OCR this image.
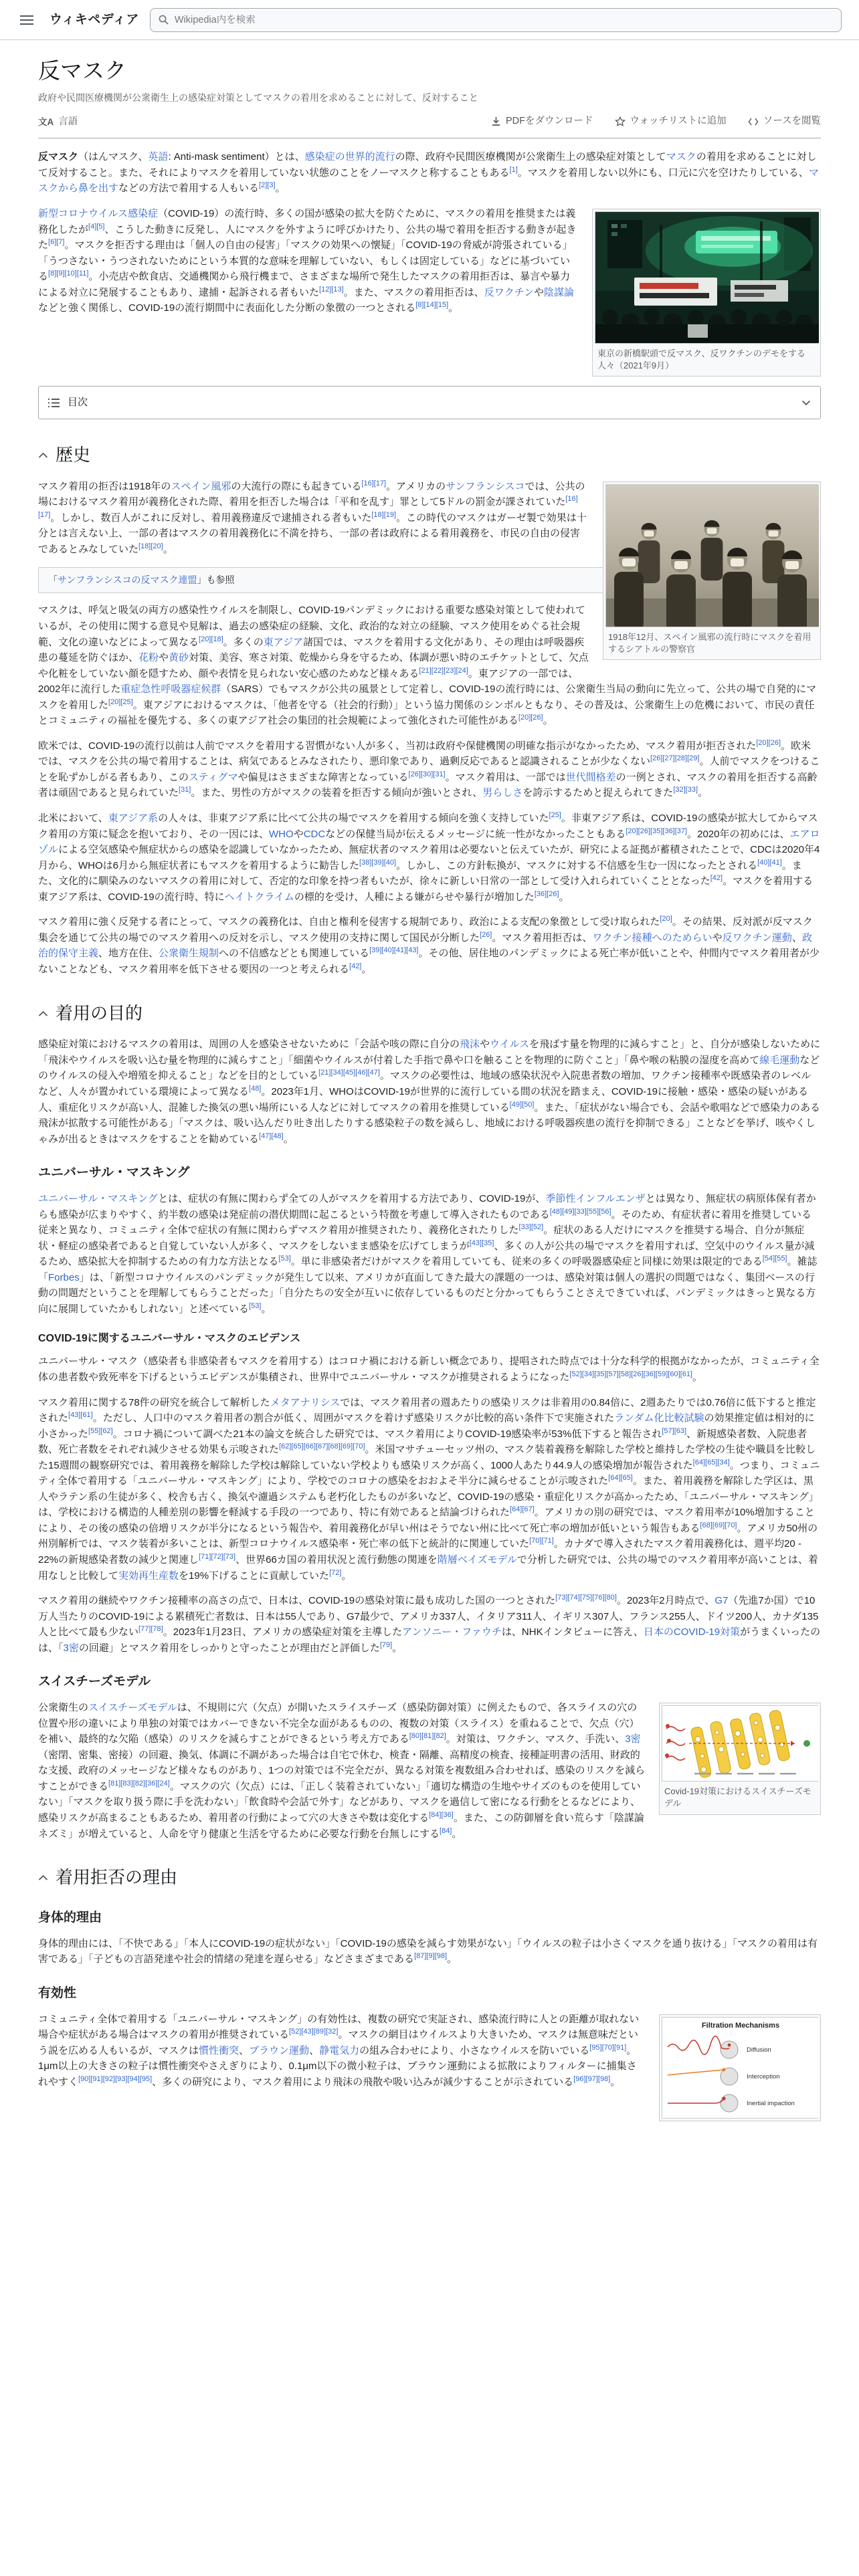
ウィキペディア
Wikipedia内を検索
反マスク
政府や民間医療機関が公衆衛生上の感染症対策としてマスクの着用を求めることに対して、反対すること
文A 言語	PDFをダウンロード
	ウォッチリストに追加
	ソースを閲覧

反マスク（はんマスク、英語: Anti-mask sentiment）とは、感染症の世界的流行の際、政府や民間医療機関が公衆衛生上の感染症対策としてマスクの着用を求めることに対して反対すること。また、それによりマスクを着用していない状態のことをノーマスクと称することもある[1]。マスクを着用しない以外にも、口元に穴を空けたりしている、マスクから鼻を出すなどの方法で着用する人もいる[2][3]。

東京の新橋駅頭で反マスク、反ワクチンのデモをする人々（2021年9月）

新型コロナウイルス感染症（COVID-19）の流行時、多くの国が感染の拡大を防ぐために、マスクの着用を推奨または義務化したが[4][5]、こうした動きに反発し、人にマスクを外すように呼びかけたり、公共の場で着用を拒否する動きが起きた[6][7]。マスクを拒否する理由は「個人の自由の侵害」「マスクの効果への懐疑」「COVID-19の脅威が誇張されている」「うつさない・うつされないためにという本質的な意味を理解していない、もしくは固定している」などに基づいている[8][9][10][11]。小売店や飲食店、交通機関から飛行機まで、さまざまな場所で発生したマスクの着用拒否は、暴言や暴力による対立に発展することもあり、逮捕・起訴される者もいた[12][13]。また、マスクの着用拒否は、反ワクチンや陰謀論などと強く関係し、COVID-19の流行期間中に表面化した分断の象徴の一つとされる[8][14][15]。

目次
歴史
1918年12月、スペイン風邪の流行時にマスクを着用するシアトルの警察官

マスク着用の拒否は1918年のスペイン風邪の大流行の際にも起きている[16][17]。アメリカのサンフランシスコでは、公共の場におけるマスク着用が義務化された際、着用を拒否した場合は「平和を乱す」罪として5ドルの罰金が課されていた[16][17]。しかし、数百人がこれに反対し、着用義務違反で逮捕される者もいた[18][19]。この時代のマスクはガーゼ製で効果は十分とは言えない上、一部の者はマスクの着用義務化に不満を持ち、一部の者は政府による着用義務を、市民の自由の侵害であるとみなしていた[18][20]。

「サンフランシスコの反マスク連盟」も参照

マスクは、呼気と吸気の両方の感染性ウイルスを制限し、COVID-19パンデミックにおける重要な感染対策として使われているが、その使用に関する意見や見解は、過去の感染症の経験、文化、政治的な対立の経験、マスク使用をめぐる社会規範、文化の違いなどによって異なる[20][18]。多くの東アジア諸国では、マスクを着用する文化があり、その理由は呼吸器疾患の蔓延を防ぐほか、花粉や黄砂対策、美容、寒さ対策、乾燥から身を守るため、体調が悪い時のエチケットとして、欠点や化粧をしていない顔を隠すため、顔や表情を見られない安心感のためなど様々ある[21][22][23][24]。東アジアの一部では、2002年に流行した重症急性呼吸器症候群（SARS）でもマスクが公共の風景として定着し、COVID-19の流行時には、公衆衛生当局の動向に先立って、公共の場で自発的にマスクを着用した[20][25]。東アジアにおけるマスクは、「他者を守る（社会的行動）」という協力関係のシンボルともなり、その普及は、公衆衛生上の危機において、市民の責任とコミュニティの福祉を優先する、多くの東アジア社会の集団的社会規範によって強化された可能性がある[20][26]。

欧米では、COVID-19の流行以前は人前でマスクを着用する習慣がない人が多く、当初は政府や保健機関の明確な指示がなかったため、マスク着用が拒否された[20][26]。欧米では、マスクを公共の場で着用することは、病気であるとみなされたり、悪印象であり、過剰反応であると認識されることが少なくない[26][27][28][29]。人前でマスクをつけることを恥ずかしがる者もあり、このスティグマや偏見はさまざまな障害となっている[26][30][31]。マスク着用は、一部では世代間格差の一例とされ、マスクの着用を拒否する高齢者は頑固であると見られていた[31]。また、男性の方がマスクの装着を拒否する傾向が強いとされ、男らしさを誇示するためと捉えられてきた[32][33]。

北米において、東アジア系の人々は、非東アジア系に比べて公共の場でマスクを着用する傾向を強く支持していた[25]。非東アジア系は、COVID-19の感染が拡大してからマスク着用の方策に疑念を抱いており、その一因には、WHOやCDCなどの保健当局が伝えるメッセージに統一性がなかったこともある[20][26][35][36][37]。2020年の初めには、エアロゾルによる空気感染や無症状からの感染を認識していなかったため、無症状者のマスク着用は必要ないと伝えていたが、研究による証拠が蓄積されたことで、CDCは2020年4月から、WHOは6月から無症状者にもマスクを着用するように勧告した[38][39][40]。しかし、この方針転換が、マスクに対する不信感を生む一因になったとされる[40][41]。また、文化的に馴染みのないマスクの着用に対して、否定的な印象を持つ者もいたが、徐々に新しい日常の一部として受け入れられていくこととなった[42]。マスクを着用する東アジア系は、COVID-19の流行時、特にヘイトクライムの標的を受け、人種による嫌がらせや暴行が増加した[36][26]。

マスク着用に強く反発する者にとって、マスクの義務化は、自由と権利を侵害する規制であり、政治による支配の象徴として受け取られた[20]。その結果、反対派が反マスク集会を通じて公共の場でのマスク着用への反対を示し、マスク使用の支持に関して国民が分断した[26]。マスク着用拒否は、ワクチン接種へのためらいや反ワクチン運動、政治的保守主義、地方在住、公衆衛生規制への不信感などとも関連している[39][40][41][43]。その他、居住地のパンデミックによる死亡率が低いことや、仲間内でマスク着用者が少ないことなども、マスク着用率を低下させる要因の一つと考えられる[42]。

着用の目的

感染症対策におけるマスクの着用は、周囲の人を感染させないために「会話や咳の際に自分の飛沫やウイルスを飛ばす量を物理的に減らすこと」と、自分が感染しないために「飛沫やウイルスを吸い込む量を物理的に減らすこと」「細菌やウイルスが付着した手指で鼻や口を触ることを物理的に防ぐこと」「鼻や喉の粘膜の湿度を高めて線毛運動などのウイルスの侵入や増殖を抑えること」などを目的としている[21][34][45][46][47]。マスクの必要性は、地域の感染状況や入院患者数の増加、ワクチン接種率や既感染者のレベルなど、人々が置かれている環境によって異なる[48]。2023年1月、WHOはCOVID-19が世界的に流行している間の状況を踏まえ、COVID-19に接触・感染・感染の疑いがある人、重症化リスクが高い人、混雑した換気の悪い場所にいる人などに対してマスクの着用を推奨している[49][50]。また、「症状がない場合でも、会話や歌唱などで感染力のある飛沫が拡散する可能性がある」「マスクは、吸い込んだり吐き出したりする感染粒子の数を減らし、地域における呼吸器疾患の流行を抑制できる」ことなどを挙げ、咳やくしゃみが出るときはマスクをすることを勧めている[47][48]。

ユニバーサル・マスキング

ユニバーサル・マスキングとは、症状の有無に関わらず全ての人がマスクを着用する方法であり、COVID-19が、季節性インフルエンザとは異なり、無症状の病原体保有者からも感染が広まりやすく、約半数の感染は発症前の潜伏期間に起こるという特徴を考慮して導入されたものである[48][49][33][55][56]。そのため、有症状者に着用を推奨している従来と異なり、コミュニティ全体で症状の有無に関わらずマスク着用が推奨されたり、義務化されたりした[33][52]。症状のある人だけにマスクを推奨する場合、自分が無症状・軽症の感染者であると自覚していない人が多く、マスクをしないまま感染を広げてしまうが[43][35]、多くの人が公共の場でマスクを着用すれば、空気中のウイルス量が減るため、感染拡大を抑制するための有力な方法となる[53]。単に非感染者だけがマスクを着用していても、従来の多くの呼吸器感染症と同様に効果は限定的である[54][55]。雑誌「Forbes」は、「新型コロナウイルスのパンデミックが発生して以来、アメリカが直面してきた最大の課題の一つは、感染対策は個人の選択の問題ではなく、集団ベースの行動の問題だということを理解してもらうことだった」「自分たちの安全が互いに依存しているものだと分かってもらうことさえできていれば、パンデミックはきっと異なる方向に展開していたかもしれない」と述べている[53]。

COVID-19に関するユニバーサル・マスクのエビデンス

ユニバーサル・マスク（感染者も非感染者もマスクを着用する）はコロナ禍における新しい概念であり、提唱された時点では十分な科学的根拠がなかったが、コミュニティ全体の患者数や致死率を下げるというエビデンスが集積され、世界中でユニバーサル・マスクが推奨されるようになった[52][34][35][57][58][26][36][59][60][61]。

マスク着用に関する78件の研究を統合して解析したメタアナリシスでは、マスク着用者の週あたりの感染リスクは非着用の0.84倍に、2週あたりでは0.76倍に低下すると推定された[43][61]。ただし、人口中のマスク着用者の割合が低く、周囲がマスクを着けず感染リスクが比較的高い条件下で実施されたランダム化比較試験の効果推定値は相対的に小さかった[55][62]。コロナ禍について調べた21本の論文を統合した研究では、マスク着用によりCOVID-19感染率が53%低下すると報告され[57][63]、新規感染者数、入院患者数、死亡者数をそれぞれ減少させる効果も示唆された[62][65][66][67][68][69][70]。米国マサチューセッツ州の、マスク装着義務を解除した学校と維持した学校の生徒や職員を比較した15週間の観察研究では、着用義務を解除した学校は解除していない学校よりも感染リスクが高く、1000人あたり44.9人の感染増加が報告された[64][65][34]。つまり、コミュニティ全体で着用する「ユニバーサル・マスキング」により、学校でのコロナの感染をおおよそ半分に減らせることが示唆された[64][65]。また、着用義務を解除した学区は、黒人やラテン系の生徒が多く、校舎も古く、換気や濾過システムも老朽化したものが多いなど、COVID-19の感染・重症化リスクが高かったため、「ユニバーサル・マスキング」は、学校における構造的人種差別の影響を軽減する手段の一つであり、特に有効であると結論づけられた[64][67]。アメリカの別の研究では、マスク着用率が10%増加することにより、その後の感染の倍増リスクが半分になるという報告や、着用義務化が早い州はそうでない州に比べて死亡率の増加が低いという報告もある[68][69][70]。アメリカ50州の州別解析では、マスク装着が多いことは、新型コロナウイルス感染率・死亡率の低下と統計的に関連していた[70][71]。カナダで導入されたマスク着用義務化は、週平均20 - 22%の新規感染者数の減少と関連し[71][72][73]、世界66カ国の着用状況と流行動態の関連を階層ベイズモデルで分析した研究では、公共の場でのマスク着用率が高いことは、着用なしと比較して実効再生産数を19%下げることに貢献していた[72]。

マスク着用の継続やワクチン接種率の高さの点で、日本は、COVID-19の感染対策に最も成功した国の一つとされた[73][74][75][76][80]。2023年2月時点で、G7（先進7か国）で10万人当たりのCOVID-19による累積死亡者数は、日本は55人であり、G7最少で、アメリカ337人、イタリア311人、イギリス307人、フランス255人、ドイツ200人、カナダ135人と比べて最も少ない[77][78]。2023年1月23日、アメリカの感染症対策を主導したアンソニー・ファウチは、NHKインタビューに答え、日本のCOVID-19対策がうまくいったのは、「3密の回避」とマスク着用をしっかりと守ったことが理由だと評価した[79]。

スイスチーズモデル
Covid-19対策におけるスイスチーズモデル

公衆衛生のスイスチーズモデルは、不規則に穴（欠点）が開いたスライスチーズ（感染防御対策）に例えたもので、各スライスの穴の位置や形の違いにより単独の対策ではカバーできない不完全な面があるものの、複数の対策（スライス）を重ねることで、欠点（穴）を補い、最終的な欠陥（感染）のリスクを減らすことができるという考え方である[80][81][82]。対策は、ワクチン、マスク、手洗い、3密（密閉、密集、密接）の回避、換気、体調に不調があった場合は自宅で休む、検査・隔離、高精度の検査、接種証明書の活用、財政的な支援、政府のメッセージなど様々なものがあり、1つの対策では不完全だが、異なる対策を複数組み合わせれば、感染のリスクを減らすことができる[81][83][82][36][24]。マスクの穴（欠点）には、「正しく装着されていない」「適切な構造の生地やサイズのものを使用していない」「マスクを取り扱う際に手を洗わない」「飲食時や会話で外す」などがあり、マスクを過信して密になる行動をとるなどにより、感染リスクが高まることもあるため、着用者の行動によって穴の大きさや数は変化する[84][36]。また、この防御層を食い荒らす「陰謀論ネズミ」が増えていると、人命を守り健康と生活を守るために必要な行動を台無しにする[84]。

着用拒否の理由
身体的理由

身体的理由には、「不快である」「本人にCOVID-19の症状がない」「COVID-19の感染を減らす効果がない」「ウイルスの粒子は小さくマスクを通り抜ける」「マスクの着用は有害である」「子どもの言語発達や社会的情緒の発達を遅らせる」などさまざまである[87][9][98]。

有効性
Filtration Mechanisms
Diffusion
Interception
Inertial impaction

コミュニティ全体で着用する「ユニバーサル・マスキング」の有効性は、複数の研究で実証され、感染流行時に人との距離が取れない場合や症状がある場合はマスクの着用が推奨されている[52][43][89][32]。マスクの網目はウイルスより大きいため、マスクは無意味だという説を広める人もいるが、マスクは慣性衝突、ブラウン運動、静電気力の組み合わせにより、小さなウイルスを防いでいる[95][70][91]。1μm以上の大きさの粒子は慣性衝突やさえぎりにより、0.1μm以下の微小粒子は、ブラウン運動による拡散によりフィルターに捕集されやすく[90][91][92][93][94][95]、多くの研究により、マスク着用により飛沫の飛散や吸い込みが減少することが示されている[96][97][98]。
